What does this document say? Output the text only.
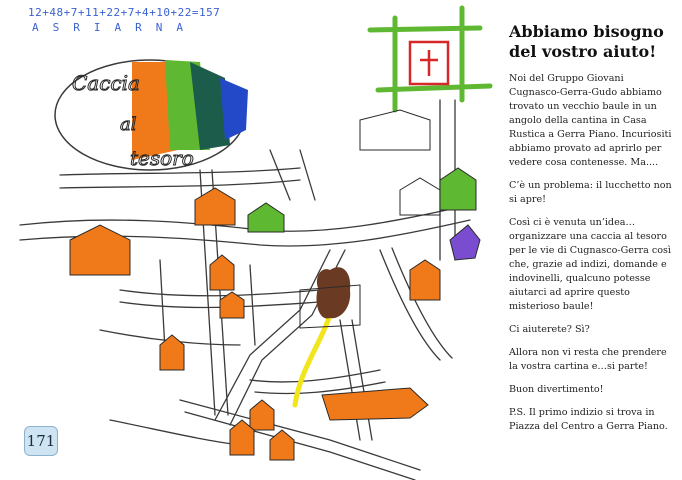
Caccia
al
tesoro
12+48+7+11+22+7+4+10+22=157
ASRIARNA
171
Abbiamo bisogno del vostro aiuto!

Noi del Gruppo Giovani Cugnasco-Gerra-Gudo abbiamo trovato un vecchio baule in un angolo della cantina in Casa Rustica a Gerra Piano. Incuriositi abbiamo provato ad aprirlo per vedere cosa contenesse. Ma....

C’è un problema: il lucchetto non si apre!

Così ci è venuta un’idea… organizzare una caccia al tesoro per le vie di Cugnasco-Gerra così che, grazie ad indizi, domande e indovinelli, qualcuno potesse aiutarci ad aprire questo misterioso baule!

Ci aiuterete? Sì?

Allora non vi resta che prendere la vostra cartina e…si parte!

Buon divertimento!

P.S. Il primo indizio si trova in Piazza del Centro a Gerra Piano.
